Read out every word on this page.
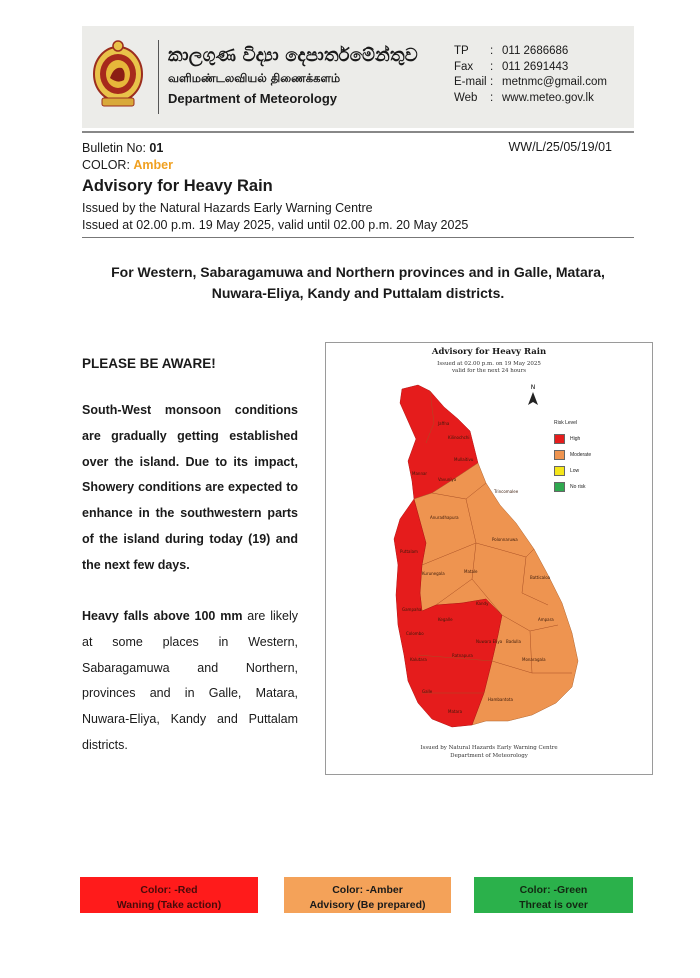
කාලගුණ විද්‍යා දෙපාර්තමේන්තුව
வளிமண்டலவியல் திணைக்களம்
Department of Meteorology
TP	: 011 2686686
Fax	: 011 2691443
E-mail : metnmc@gmail.com
Web	: www.meteo.gov.lk
Bulletin No: 01
COLOR: Amber
WW/L/25/05/19/01
Advisory for Heavy Rain
Issued by the Natural Hazards Early Warning Centre
Issued at 02.00 p.m. 19 May 2025, valid until 02.00 p.m. 20 May 2025
For Western, Sabaragamuwa and Northern provinces and in Galle, Matara,
Nuwara-Eliya, Kandy and Puttalam districts.
PLEASE BE AWARE!
South-West monsoon conditions are gradually getting established over the island. Due to its impact, Showery conditions are expected to enhance in the southwestern parts of the island during today (19) and the next few days.
Heavy falls above 100 mm are likely at some places in Western, Sabaragamuwa and Northern, provinces and in Galle, Matara, Nuwara-Eliya, Kandy and Puttalam districts.
Advisory for Heavy Rain
Issued at 02.00 p.m. on 19 May 2025
valid for the next 24 hours
N
Jaffna
Kilinochchi
Mullaitivu
Mannar
Vavuniya
Trincomalee
Anuradhapura
Polonnaruwa
Puttalam
Kurunegala	Matale
Batticaloa
Kandy
Ampara
Gampaha
Colombo
Kegalle
Nuwara Eliya Badulla
Kalutara
Ratnapura
Monaragala
Galle
Matara
Hambantota
Risk Level
High
Moderate
Low
No risk
Issued by Natural Hazards Early Warning Centre
Department of Meteorology
Color: -Red
Waning (Take action)
Color: -Amber
Advisory (Be prepared)
Color: -Green
Threat is over
